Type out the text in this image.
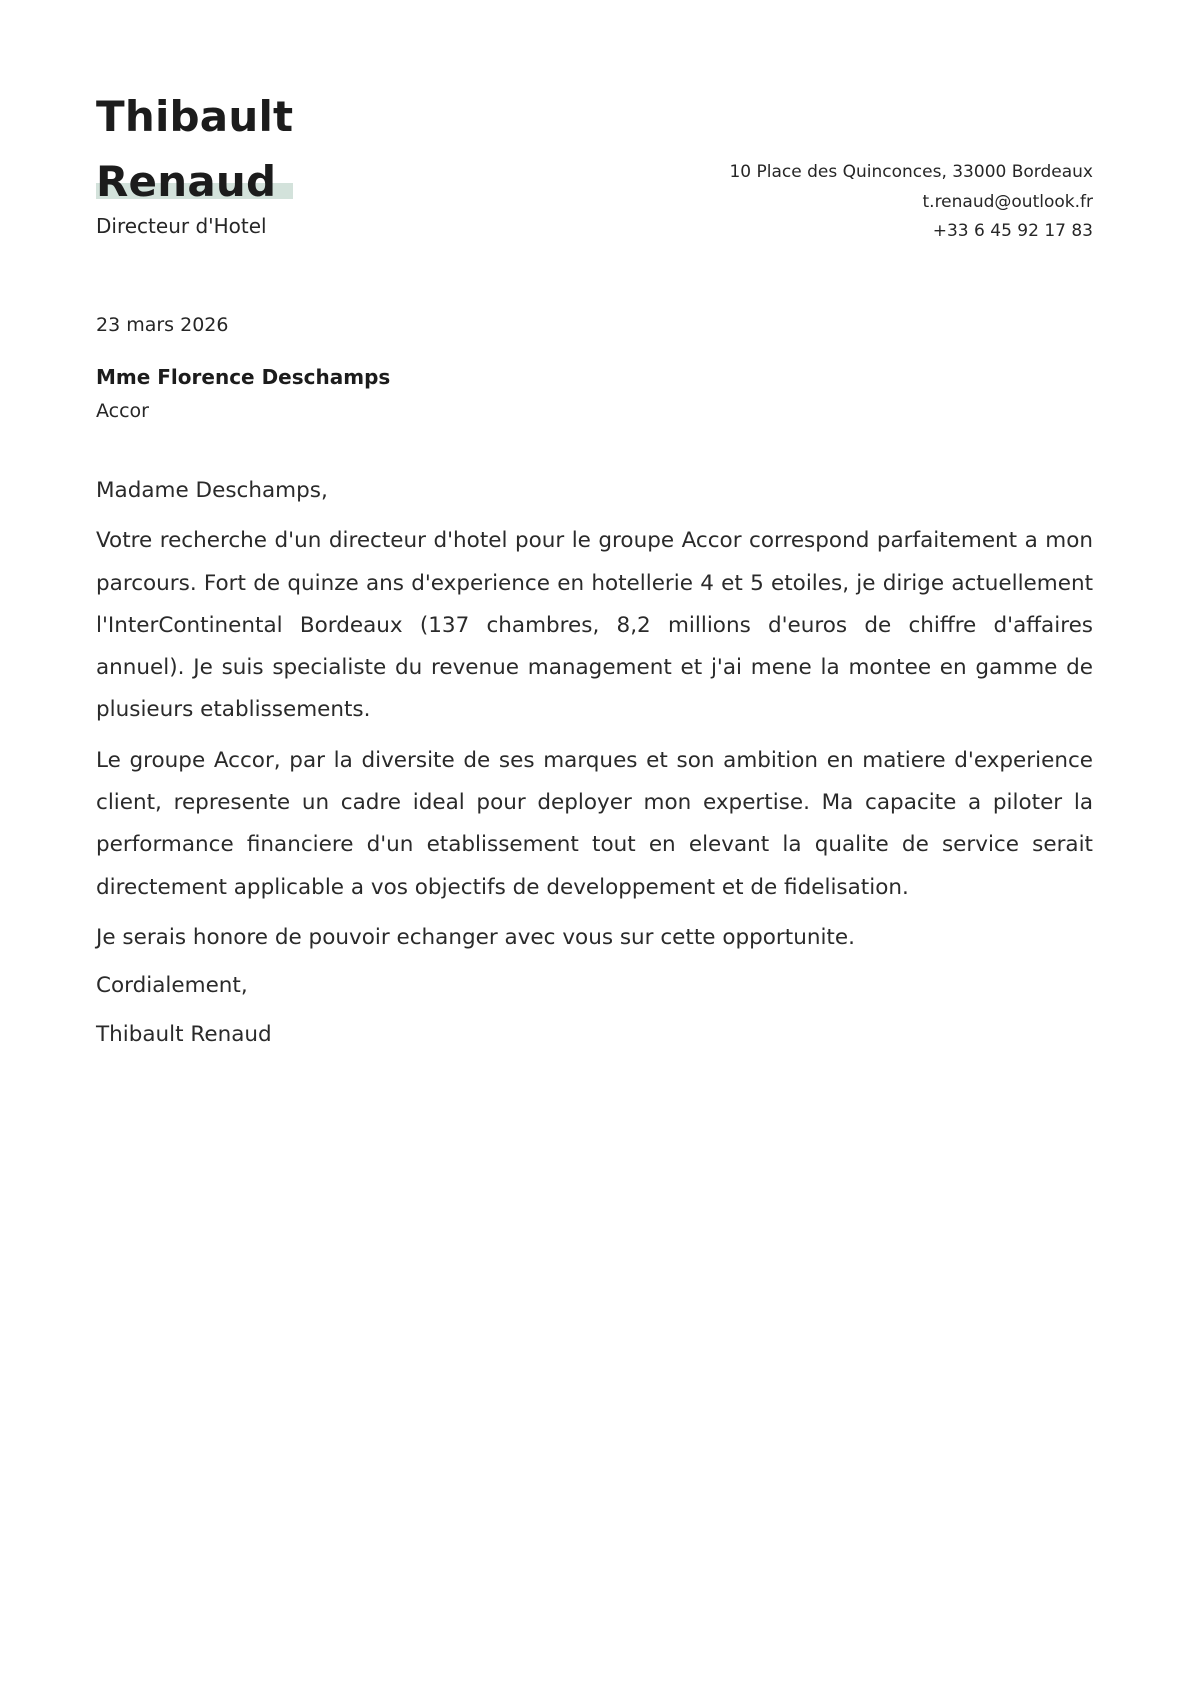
Thibault
Renaud
Directeur d'Hotel
10 Place des Quinconces, 33000 Bordeaux
t.renaud@outlook.fr
+33 6 45 92 17 83
23 mars 2026
Mme Florence Deschamps
Accor

Madame Deschamps,

Votre recherche d'un directeur d'hotel pour le groupe Accor correspond parfaitement a mon parcours. Fort de quinze ans d'experience en hotellerie 4 et 5 etoiles, je dirige actuellement l'InterContinental Bordeaux (137 chambres, 8,2 millions d'euros de chiffre d'affaires annuel). Je suis specialiste du revenue management et j'ai mene la montee en gamme de plusieurs etablissements.

Le groupe Accor, par la diversite de ses marques et son ambition en matiere d'experience client, represente un cadre ideal pour deployer mon expertise. Ma capacite a piloter la performance financiere d'un etablissement tout en elevant la qualite de service serait directement applicable a vos objectifs de developpement et de fidelisation.

Je serais honore de pouvoir echanger avec vous sur cette opportunite.

Cordialement,

Thibault Renaud
